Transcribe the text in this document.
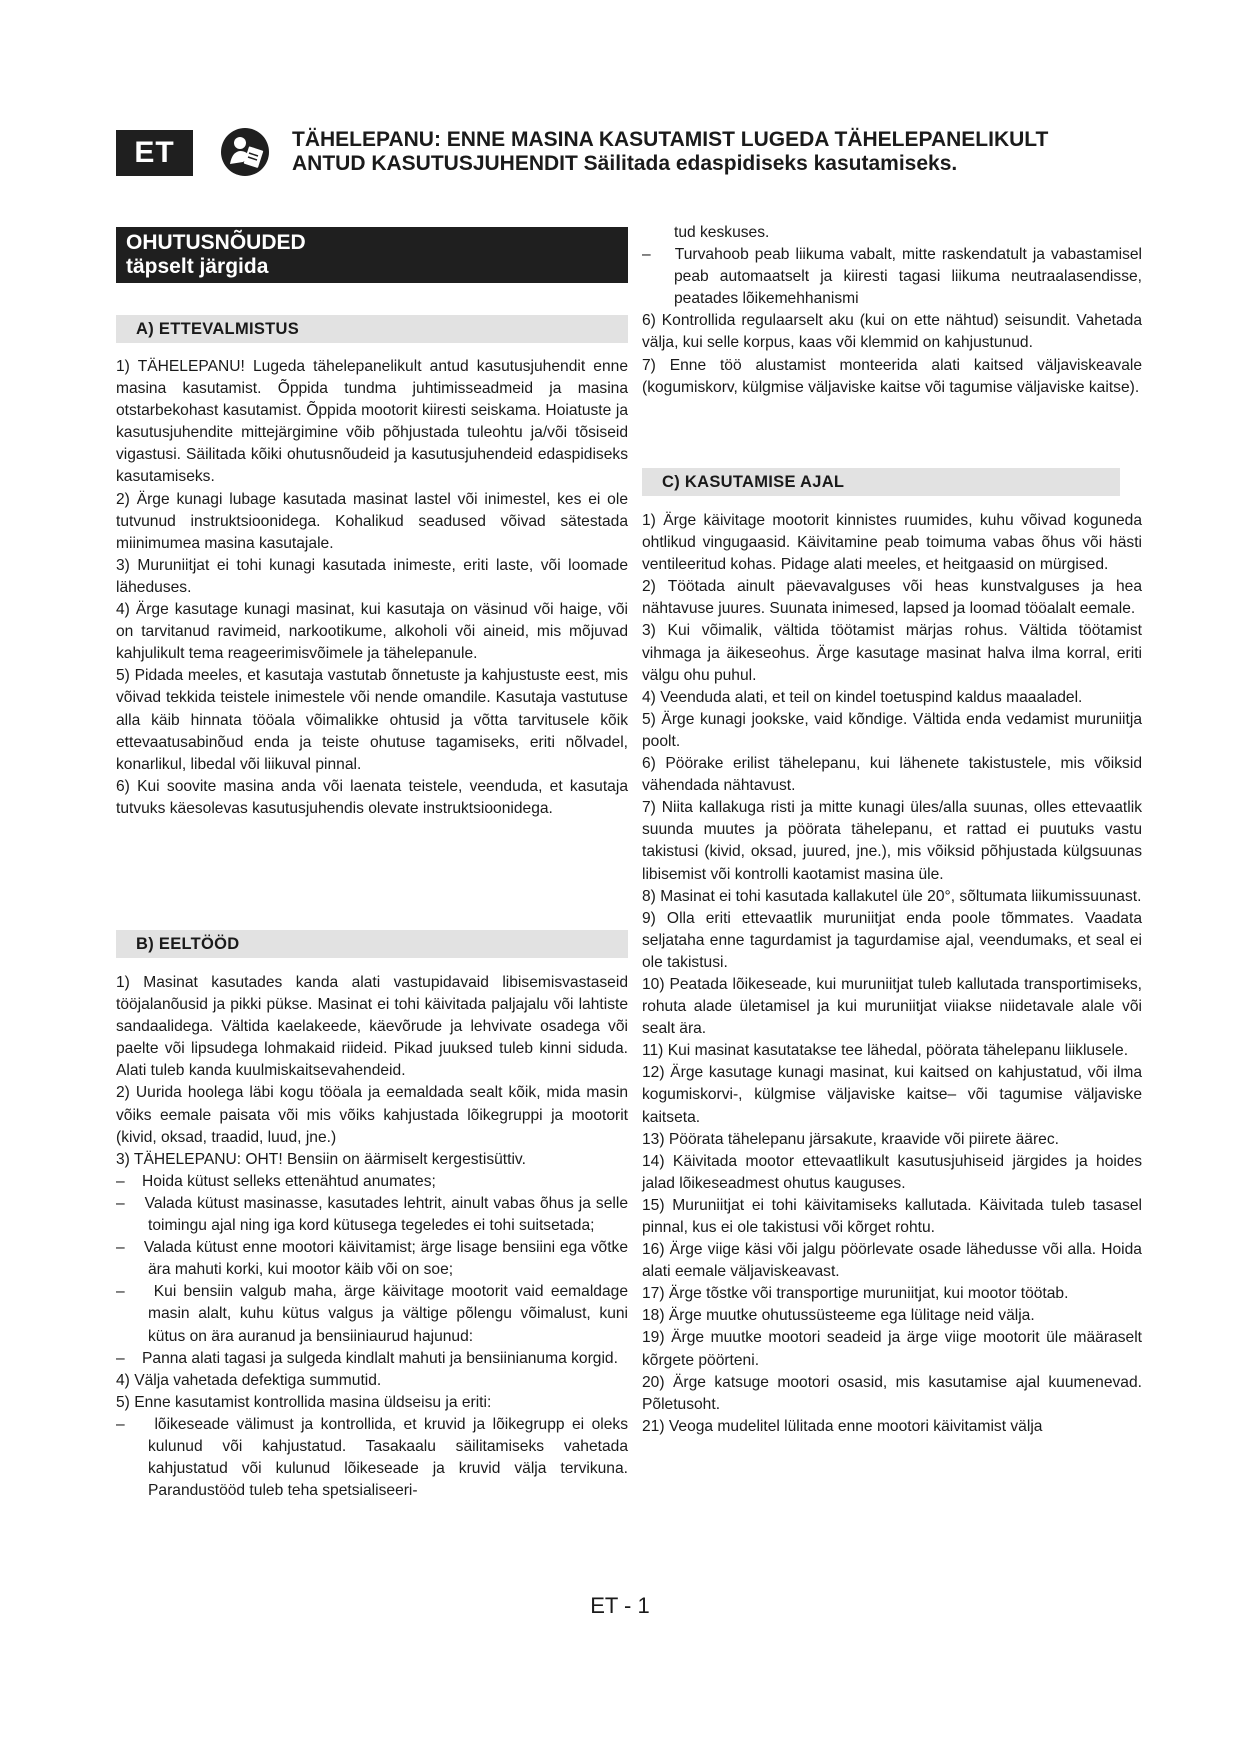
ET	TÄHELEPANU: ENNE MASINA KASUTAMIST LUGEDA TÄHELEPANELIKULT
ANTUD KASUTUSJUHENDIT Säilitada edaspidiseks kasutamiseks.
OHUTUSNÕUDED
täpselt järgida
A) ETTEVALMISTUS

1) TÄHELEPANU! Lugeda tähelepanelikult antud kasutusjuhendit enne masina kasutamist. Õppida tundma juhtimisseadmeid ja masina otstarbekohast kasutamist. Õppida mootorit kiiresti seiskama. Hoiatuste ja kasutusjuhendite mittejärgimine võib põhjustada tuleohtu ja/või tõsiseid vigastusi. Säilitada kõiki ohutusnõudeid ja kasutusjuhendeid edaspidiseks kasutamiseks.

2) Ärge kunagi lubage kasutada masinat lastel või inimestel, kes ei ole tutvunud instruktsioonidega. Kohalikud seadused võivad sätestada miinimumea masina kasutajale.

3) Muruniitjat ei tohi kunagi kasutada inimeste, eriti laste, või loomade läheduses.

4) Ärge kasutage kunagi masinat, kui kasutaja on väsinud või haige, või on tarvitanud ravimeid, narkootikume, alkoholi või aineid, mis mõjuvad kahjulikult tema reageerimisvõimele ja tähelepanule.

5) Pidada meeles, et kasutaja vastutab õnnetuste ja kahjustuste eest, mis võivad tekkida teistele inimestele või nende omandile. Kasutaja vastutuse alla käib hinnata tööala võimalikke ohtusid ja võtta tarvitusele kõik ettevaatusabinõud enda ja teiste ohutuse tagamiseks, eriti nõlvadel, konarlikul, libedal või liikuval pinnal.

6) Kui soovite masina anda või laenata teistele, veenduda, et kasutaja tutvuks käesolevas kasutusjuhendis olevate instruktsioonidega.

B) EELTÖÖD

1) Masinat kasutades kanda alati vastupidavaid libisemisvastaseid tööjalanõusid ja pikki pükse. Masinat ei tohi käivitada paljajalu või lahtiste sandaalidega. Vältida kaelakeede, käevõrude ja lehvivate osadega või paelte või lipsudega lohmakaid riideid. Pikad juuksed tuleb kinni siduda. Alati tuleb kanda kuulmiskaitsevahendeid.

2) Uurida hoolega läbi kogu tööala ja eemaldada sealt kõik, mida masin võiks eemale paisata või mis võiks kahjustada lõikegruppi ja mootorit (kivid, oksad, traadid, luud, jne.)

3) TÄHELEPANU: OHT! Bensiin on äärmiselt kergestisüttiv.

–    Hoida kütust selleks ettenähtud anumates;

–    Valada kütust masinasse, kasutades lehtrit, ainult vabas õhus ja selle toimingu ajal ning iga kord kütusega tegeledes ei tohi suitsetada;

–    Valada kütust enne mootori käivitamist; ärge lisage bensiini ega võtke ära mahuti korki, kui mootor käib või on soe;

–    Kui bensiin valgub maha, ärge käivitage mootorit vaid eemaldage masin alalt, kuhu kütus valgus ja vältige põlengu võimalust, kuni kütus on ära auranud ja bensiiniaurud hajunud:

–    Panna alati tagasi ja sulgeda kindlalt mahuti ja bensiinianuma korgid.

4) Välja vahetada defektiga summutid.

5) Enne kasutamist kontrollida masina üldseisu ja eriti:

–    lõikeseade välimust ja kontrollida, et kruvid ja lõikegrupp ei oleks kulunud või kahjustatud. Tasakaalu säilitamiseks vahetada kahjustatud või kulunud lõikeseade ja kruvid välja tervikuna. Parandustööd tuleb teha spetsialiseeri-

tud keskuses.

–    Turvahoob peab liikuma vabalt, mitte raskendatult ja vabastamisel peab automaatselt ja kiiresti tagasi liikuma neutraalasendisse, peatades lõikemehhanismi

6) Kontrollida regulaarselt aku (kui on ette nähtud) seisundit. Vahetada välja, kui selle korpus, kaas või klemmid on kahjustunud.

7) Enne töö alustamist monteerida alati kaitsed väljaviskeavale (kogumiskorv, külgmise väljaviske kaitse või tagumise väljaviske kaitse).

C) KASUTAMISE AJAL

1) Ärge käivitage mootorit kinnistes ruumides, kuhu võivad koguneda ohtlikud vingugaasid. Käivitamine peab toimuma vabas õhus või hästi ventileeritud kohas. Pidage alati meeles, et heitgaasid on mürgised.

2) Töötada ainult päevavalguses või heas kunstvalguses ja hea nähtavuse juures. Suunata inimesed, lapsed ja loomad tööalalt eemale.

3) Kui võimalik, vältida töötamist märjas rohus. Vältida töötamist vihmaga ja äikeseohus. Ärge kasutage masinat halva ilma korral, eriti välgu ohu puhul.

4) Veenduda alati, et teil on kindel toetuspind kaldus maaaladel.

5) Ärge kunagi jookske, vaid kõndige. Vältida enda vedamist muruniitja poolt.

6) Pöörake erilist tähelepanu, kui lähenete takistustele, mis võiksid vähendada nähtavust.

7) Niita kallakuga risti ja mitte kunagi üles/alla suunas, olles ettevaatlik suunda muutes ja pöörata tähelepanu, et rattad ei puutuks vastu takistusi (kivid, oksad, juured, jne.), mis võiksid põhjustada külgsuunas libisemist või kontrolli kaotamist masina üle.

8) Masinat ei tohi kasutada kallakutel üle 20°, sõltumata liikumissuunast.

9) Olla eriti ettevaatlik muruniitjat enda poole tõmmates. Vaadata seljataha enne tagurdamist ja tagurdamise ajal, veendumaks, et seal ei ole takistusi.

10) Peatada lõikeseade, kui muruniitjat tuleb kallutada transportimiseks, rohuta alade ületamisel ja kui muruniitjat viiakse niidetavale alale või sealt ära.

11) Kui masinat kasutatakse tee lähedal, pöörata tähelepanu liiklusele.

12) Ärge kasutage kunagi masinat, kui kaitsed on kahjustatud, või ilma kogumiskorvi-, külgmise väljaviske kaitse– või tagumise väljaviske kaitseta.

13) Pöörata tähelepanu järsakute, kraavide või piirete äärес.

14) Käivitada mootor ettevaatlikult kasutusjuhiseid järgides ja hoides jalad lõikeseadmest ohutus kauguses.

15) Muruniitjat ei tohi käivitamiseks kallutada. Käivitada tuleb tasasel pinnal, kus ei ole takistusi või kõrget rohtu.

16) Ärge viige käsi või jalgu pöörlevate osade lähedusse või alla. Hoida alati eemale väljaviskeavast.

17) Ärge tõstke või transportige muruniitjat, kui mootor töötab.

18) Ärge muutke ohutussüsteeme ega lülitage neid välja.

19) Ärge muutke mootori seadeid ja ärge viige mootorit üle määraselt kõrgete pöörteni.

20) Ärge katsuge mootori osasid, mis kasutamise ajal kuumenevad. Põletusoht.

21) Veoga mudelitel lülitada enne mootori käivitamist välja

ET - 1
